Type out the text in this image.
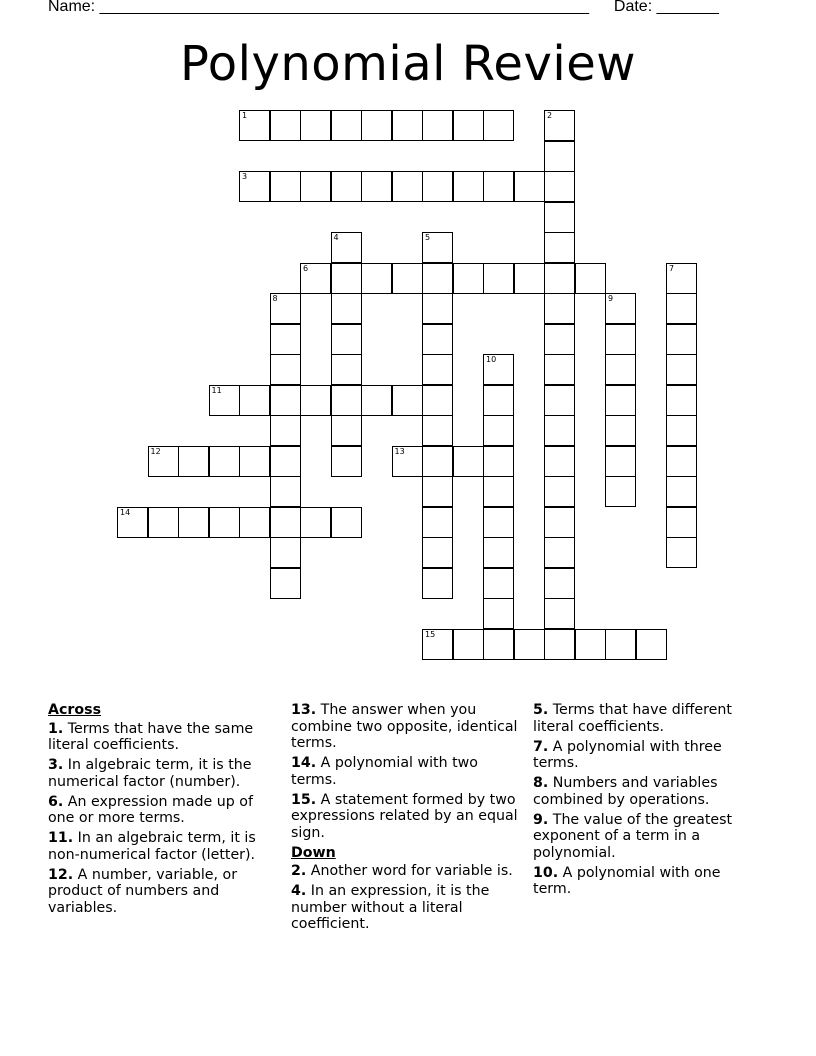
Name: _______________________________________________________ Date: _______
Polynomial Review
1
3
6
11
12	13
14
15
2
4	5
7
8	9
10
Across
1. Terms that have the same literal coefficients.
3. In algebraic term, it is the numerical factor (number).
6. An expression made up of one or more terms.
11. In an algebraic term, it is non-numerical factor (letter).
12. A number, variable, or product of numbers and variables.
13. The answer when you combine two opposite, identical terms.
14. A polynomial with two terms.
15. A statement formed by two expressions related by an equal sign.
Down
2. Another word for variable is.
4. In an expression, it is the number without a literal coefficient.
5. Terms that have different literal coefficients.
7. A polynomial with three terms.
8. Numbers and variables combined by operations.
9. The value of the greatest exponent of a term in a polynomial.
10. A polynomial with one term.
